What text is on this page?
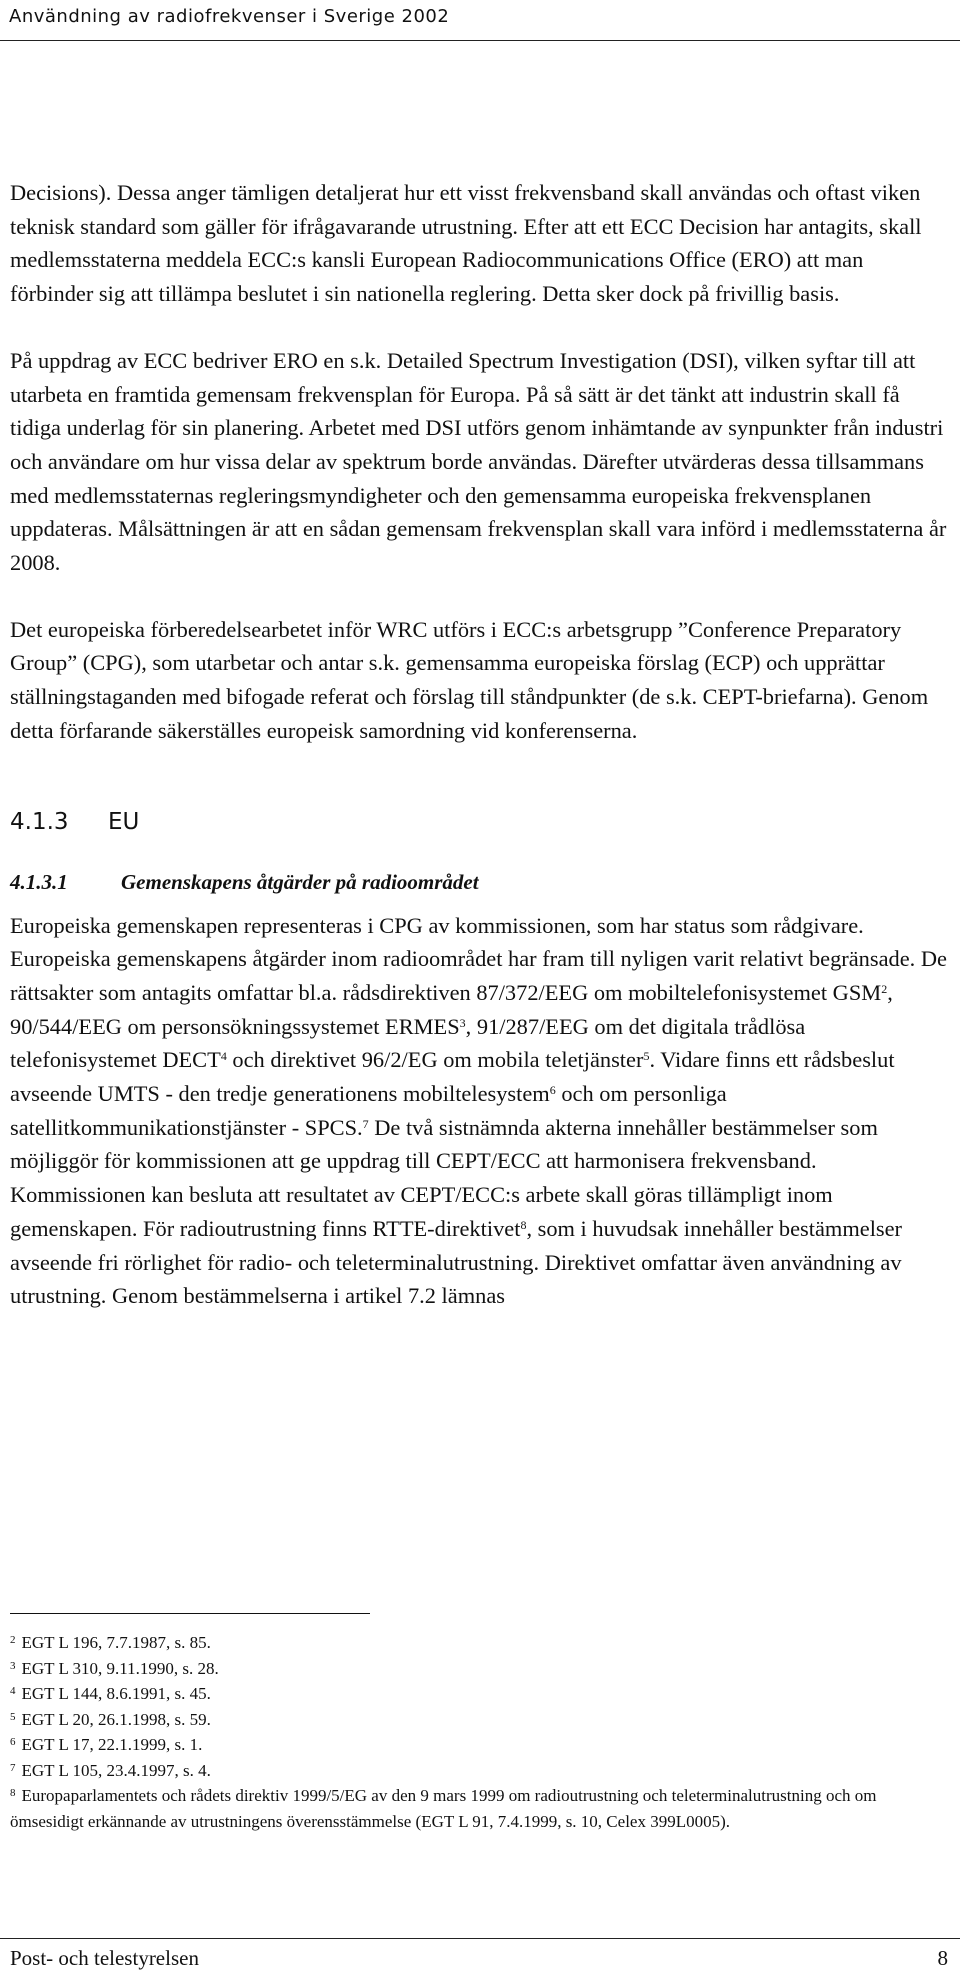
Användning av radiofrekvenser i Sverige 2002

Decisions). Dessa anger tämligen detaljerat hur ett visst frekvensband skall användas och oftast viken teknisk standard som gäller för ifrågavarande utrustning. Efter att ett ECC Decision har antagits, skall medlemsstaterna meddela ECC:s kansli European Radiocommunications Office (ERO) att man förbinder sig att tillämpa beslutet i sin nationella reglering. Detta sker dock på frivillig basis.

På uppdrag av ECC bedriver ERO en s.k. Detailed Spectrum Investigation (DSI), vilken syftar till att utarbeta en framtida gemensam frekvensplan för Europa. På så sätt är det tänkt att industrin skall få tidiga underlag för sin planering. Arbetet med DSI utförs genom inhämtande av synpunkter från industri och användare om hur vissa delar av spektrum borde användas. Därefter utvärderas dessa tillsammans med medlemsstaternas regleringsmyndigheter och den gemensamma europeiska frekvensplanen uppdateras. Målsättningen är att en sådan gemensam frekvensplan skall vara införd i medlemsstaterna år 2008.

Det europeiska förberedelsearbetet inför WRC utförs i ECC:s arbetsgrupp ”Conference Preparatory Group” (CPG), som utarbetar och antar s.k. gemensamma europeiska förslag (ECP) och upprättar ställningstaganden med bifogade referat och förslag till ståndpunkter (de s.k. CEPT-briefarna). Genom detta förfarande säkerställes europeisk samordning vid konferenserna.

4.1.3 EU
4.1.3.1	Gemenskapens åtgärder på radioområdet

Europeiska gemenskapen representeras i CPG av kommissionen, som har status som rådgivare. Europeiska gemenskapens åtgärder inom radioområdet har fram till nyligen varit relativt begränsade. De rättsakter som antagits omfattar bl.a. rådsdirektiven 87/372/EEG om mobiltelefonisystemet GSM$^2$, 90/544/EEG om personsökningssystemet ERMES$^3$, 91/287/EEG om det digitala trådlösa telefonisystemet DECT$^4$ och direktivet 96/2/EG om mobila teletjänster$^5$. Vidare finns ett rådsbeslut avseende UMTS - den tredje generationens mobiltelesystem$^6$ och om personliga satellitkommunikationstjänster - SPCS.$^7$ De två sistnämnda akterna innehåller bestämmelser som möjliggör för kommissionen att ge uppdrag till CEPT/ECC att harmonisera frekvensband. Kommissionen kan besluta att resultatet av CEPT/ECC:s arbete skall göras tillämpligt inom gemenskapen. För radioutrustning finns RTTE-direktivet$^8$, som i huvudsak innehåller bestämmelser avseende fri rörlighet för radio- och teleterminalutrustning. Direktivet omfattar även användning av utrustning. Genom bestämmelserna i artikel 7.2 lämnas

$^2$ EGT L 196, 7.7.1987, s. 85.

$^3$ EGT L 310, 9.11.1990, s. 28.

$^4$ EGT L 144, 8.6.1991, s. 45.

$^5$ EGT L 20, 26.1.1998, s. 59.

$^6$ EGT L 17, 22.1.1999, s. 1.

$^7$ EGT L 105, 23.4.1997, s. 4.

$^8$ Europaparlamentets och rådets direktiv 1999/5/EG av den 9 mars 1999 om radioutrustning och teleterminalutrustning och om ömsesidigt erkännande av utrustningens överensstämmelse (EGT L 91, 7.4.1999, s. 10, Celex 399L0005).

Post- och telestyrelsen	8
